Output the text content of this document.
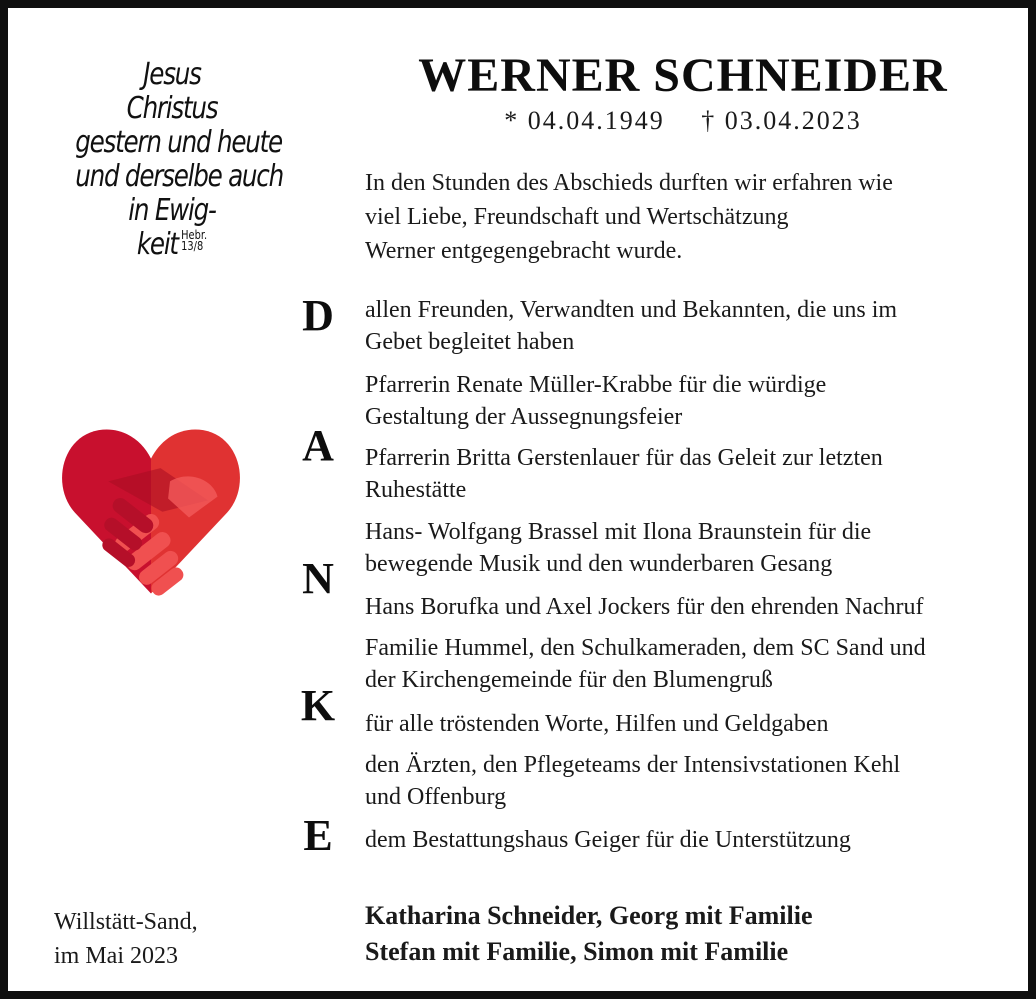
Jesus
Christus
gestern und heute
und derselbe auch
in Ewig-
keit Hebr.
13/8
Willstätt-Sand,
im Mai 2023
WERNER SCHNEIDER
* 04.04.1949 † 03.04.2023
In den Stunden des Abschieds durften wir erfahren wie
viel Liebe, Freundschaft und Wertschätzung
Werner entgegengebracht wurde.
D
A
N
K
E
allen Freunden, Verwandten und Bekannten, die uns im
Gebet begleitet haben
Pfarrerin Renate Müller-Krabbe für die würdige
Gestaltung der Aussegnungsfeier
Pfarrerin Britta Gerstenlauer für das Geleit zur letzten
Ruhestätte
Hans- Wolfgang Brassel mit Ilona Braunstein für die
bewegende Musik und den wunderbaren Gesang
Hans Borufka und Axel Jockers für den ehrenden Nachruf
Familie Hummel, den Schulkameraden, dem SC Sand und
der Kirchengemeinde für den Blumengruß
für alle tröstenden Worte, Hilfen und Geldgaben
den Ärzten, den Pflegeteams der Intensivstationen Kehl
und Offenburg
dem Bestattungshaus Geiger für die Unterstützung
Katharina Schneider, Georg mit Familie
Stefan mit Familie, Simon mit Familie
